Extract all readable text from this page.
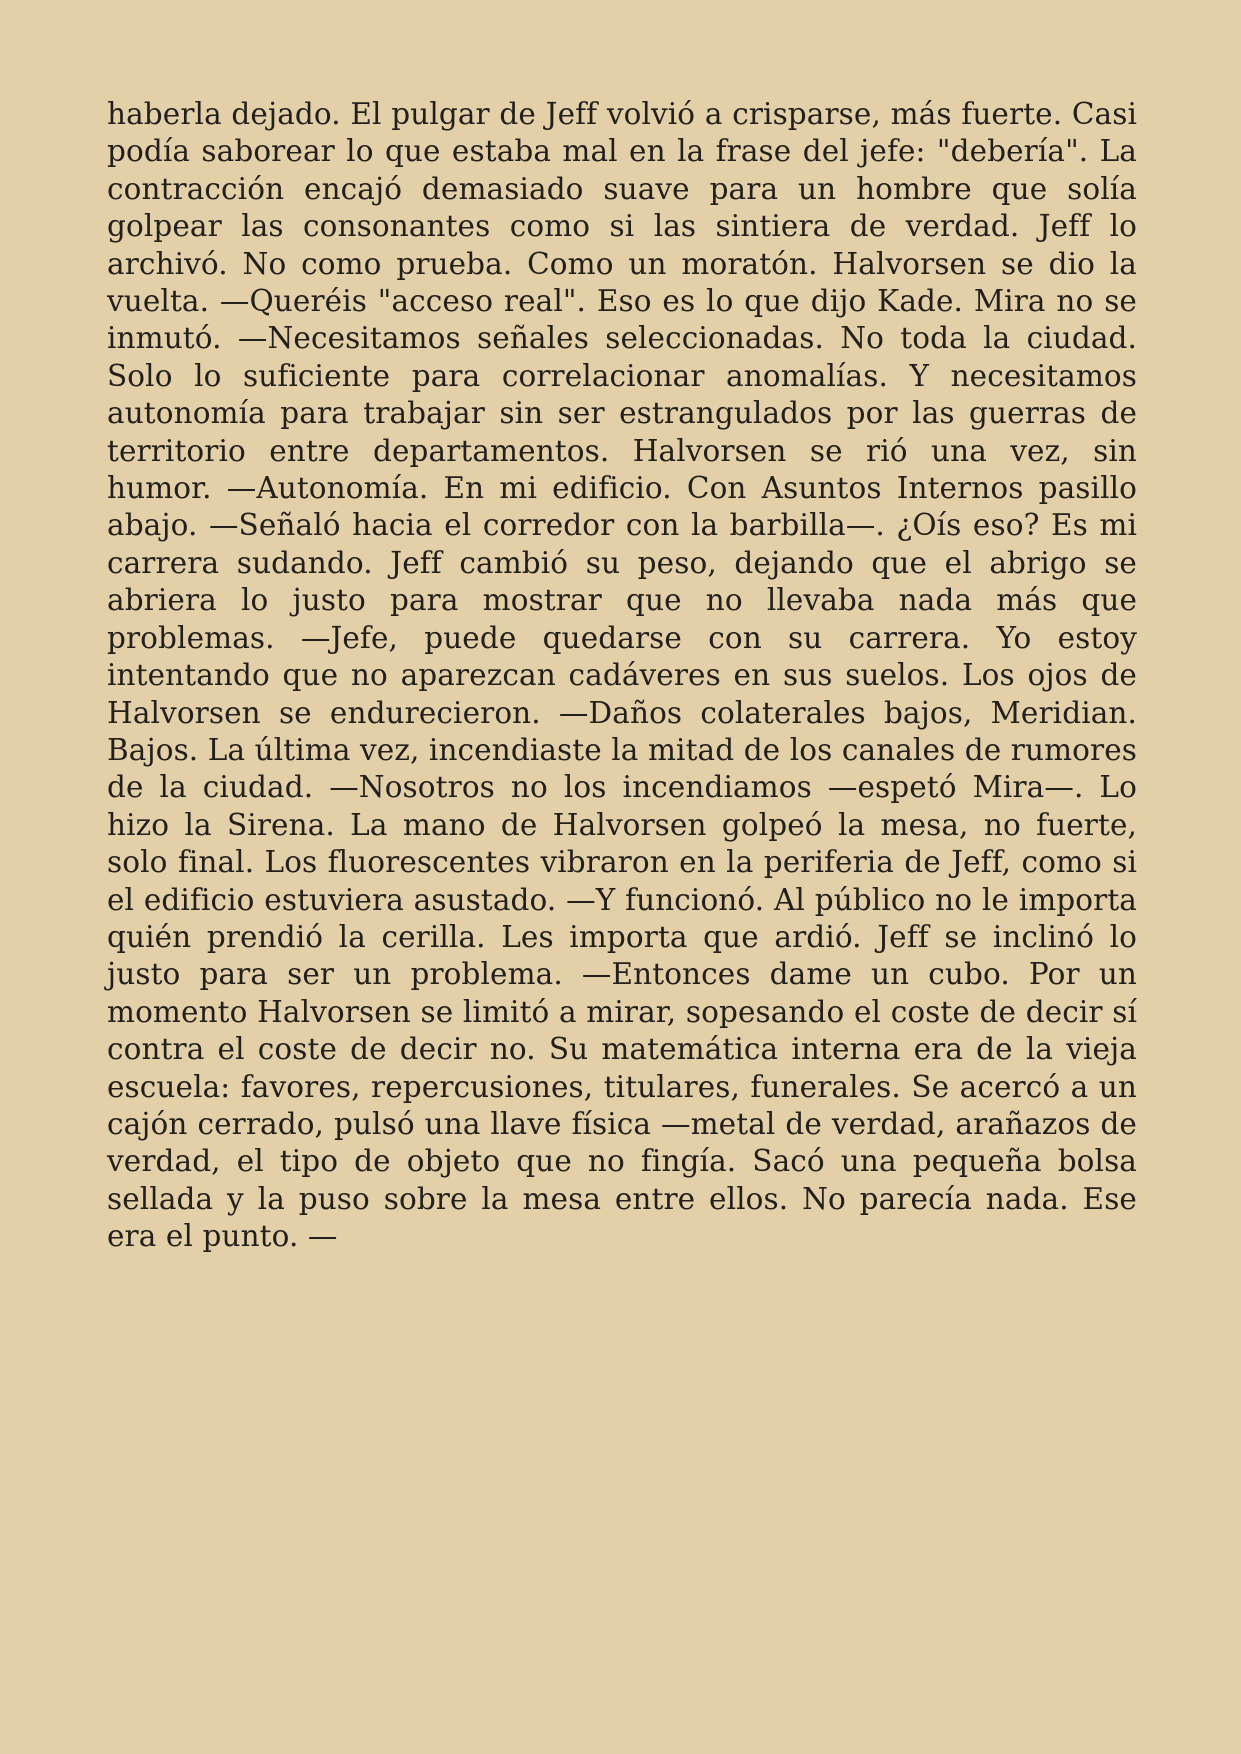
haberla dejado. El pulgar de Jeff volvió a crisparse, más fuerte. Casi podía saborear lo que estaba mal en la frase del jefe: "debería". La contracción encajó demasiado suave para un hombre que solía golpear las consonantes como si las sintiera de verdad. Jeff lo archivó. No como prueba. Como un moratón. Halvorsen se dio la vuelta. —Queréis "acceso real". Eso es lo que dijo Kade. Mira no se inmutó. —Necesitamos señales seleccionadas. No toda la ciudad. Solo lo suficiente para correlacionar anomalías. Y necesitamos autonomía para trabajar sin ser estrangulados por las guerras de territorio entre departamentos. Halvorsen se rió una vez, sin humor. —Autonomía. En mi edificio. Con Asuntos Internos pasillo abajo. —Señaló hacia el corredor con la barbilla—. ¿Oís eso? Es mi carrera sudando. Jeff cambió su peso, dejando que el abrigo se abriera lo justo para mostrar que no llevaba nada más que problemas. —Jefe, puede quedarse con su carrera. Yo estoy intentando que no aparezcan cadáveres en sus suelos. Los ojos de Halvorsen se endurecieron. —Daños colaterales bajos, Meridian. Bajos. La última vez, incendiaste la mitad de los canales de rumores de la ciudad. —Nosotros no los incendiamos —espetó Mira—. Lo hizo la Sirena. La mano de Halvorsen golpeó la mesa, no fuerte, solo final. Los fluorescentes vibraron en la periferia de Jeff, como si el edificio estuviera asustado. —Y funcionó. Al público no le importa quién prendió la cerilla. Les importa que ardió. Jeff se inclinó lo justo para ser un problema. —Entonces dame un cubo. Por un momento Halvorsen se limitó a mirar, sopesando el coste de decir sí contra el coste de decir no. Su matemática interna era de la vieja escuela: favores, repercusiones, titulares, funerales. Se acercó a un cajón cerrado, pulsó una llave física —metal de verdad, arañazos de verdad, el tipo de objeto que no fingía. Sacó una pequeña bolsa sellada y la puso sobre la mesa entre ellos. No parecía nada. Ese era el punto. —
